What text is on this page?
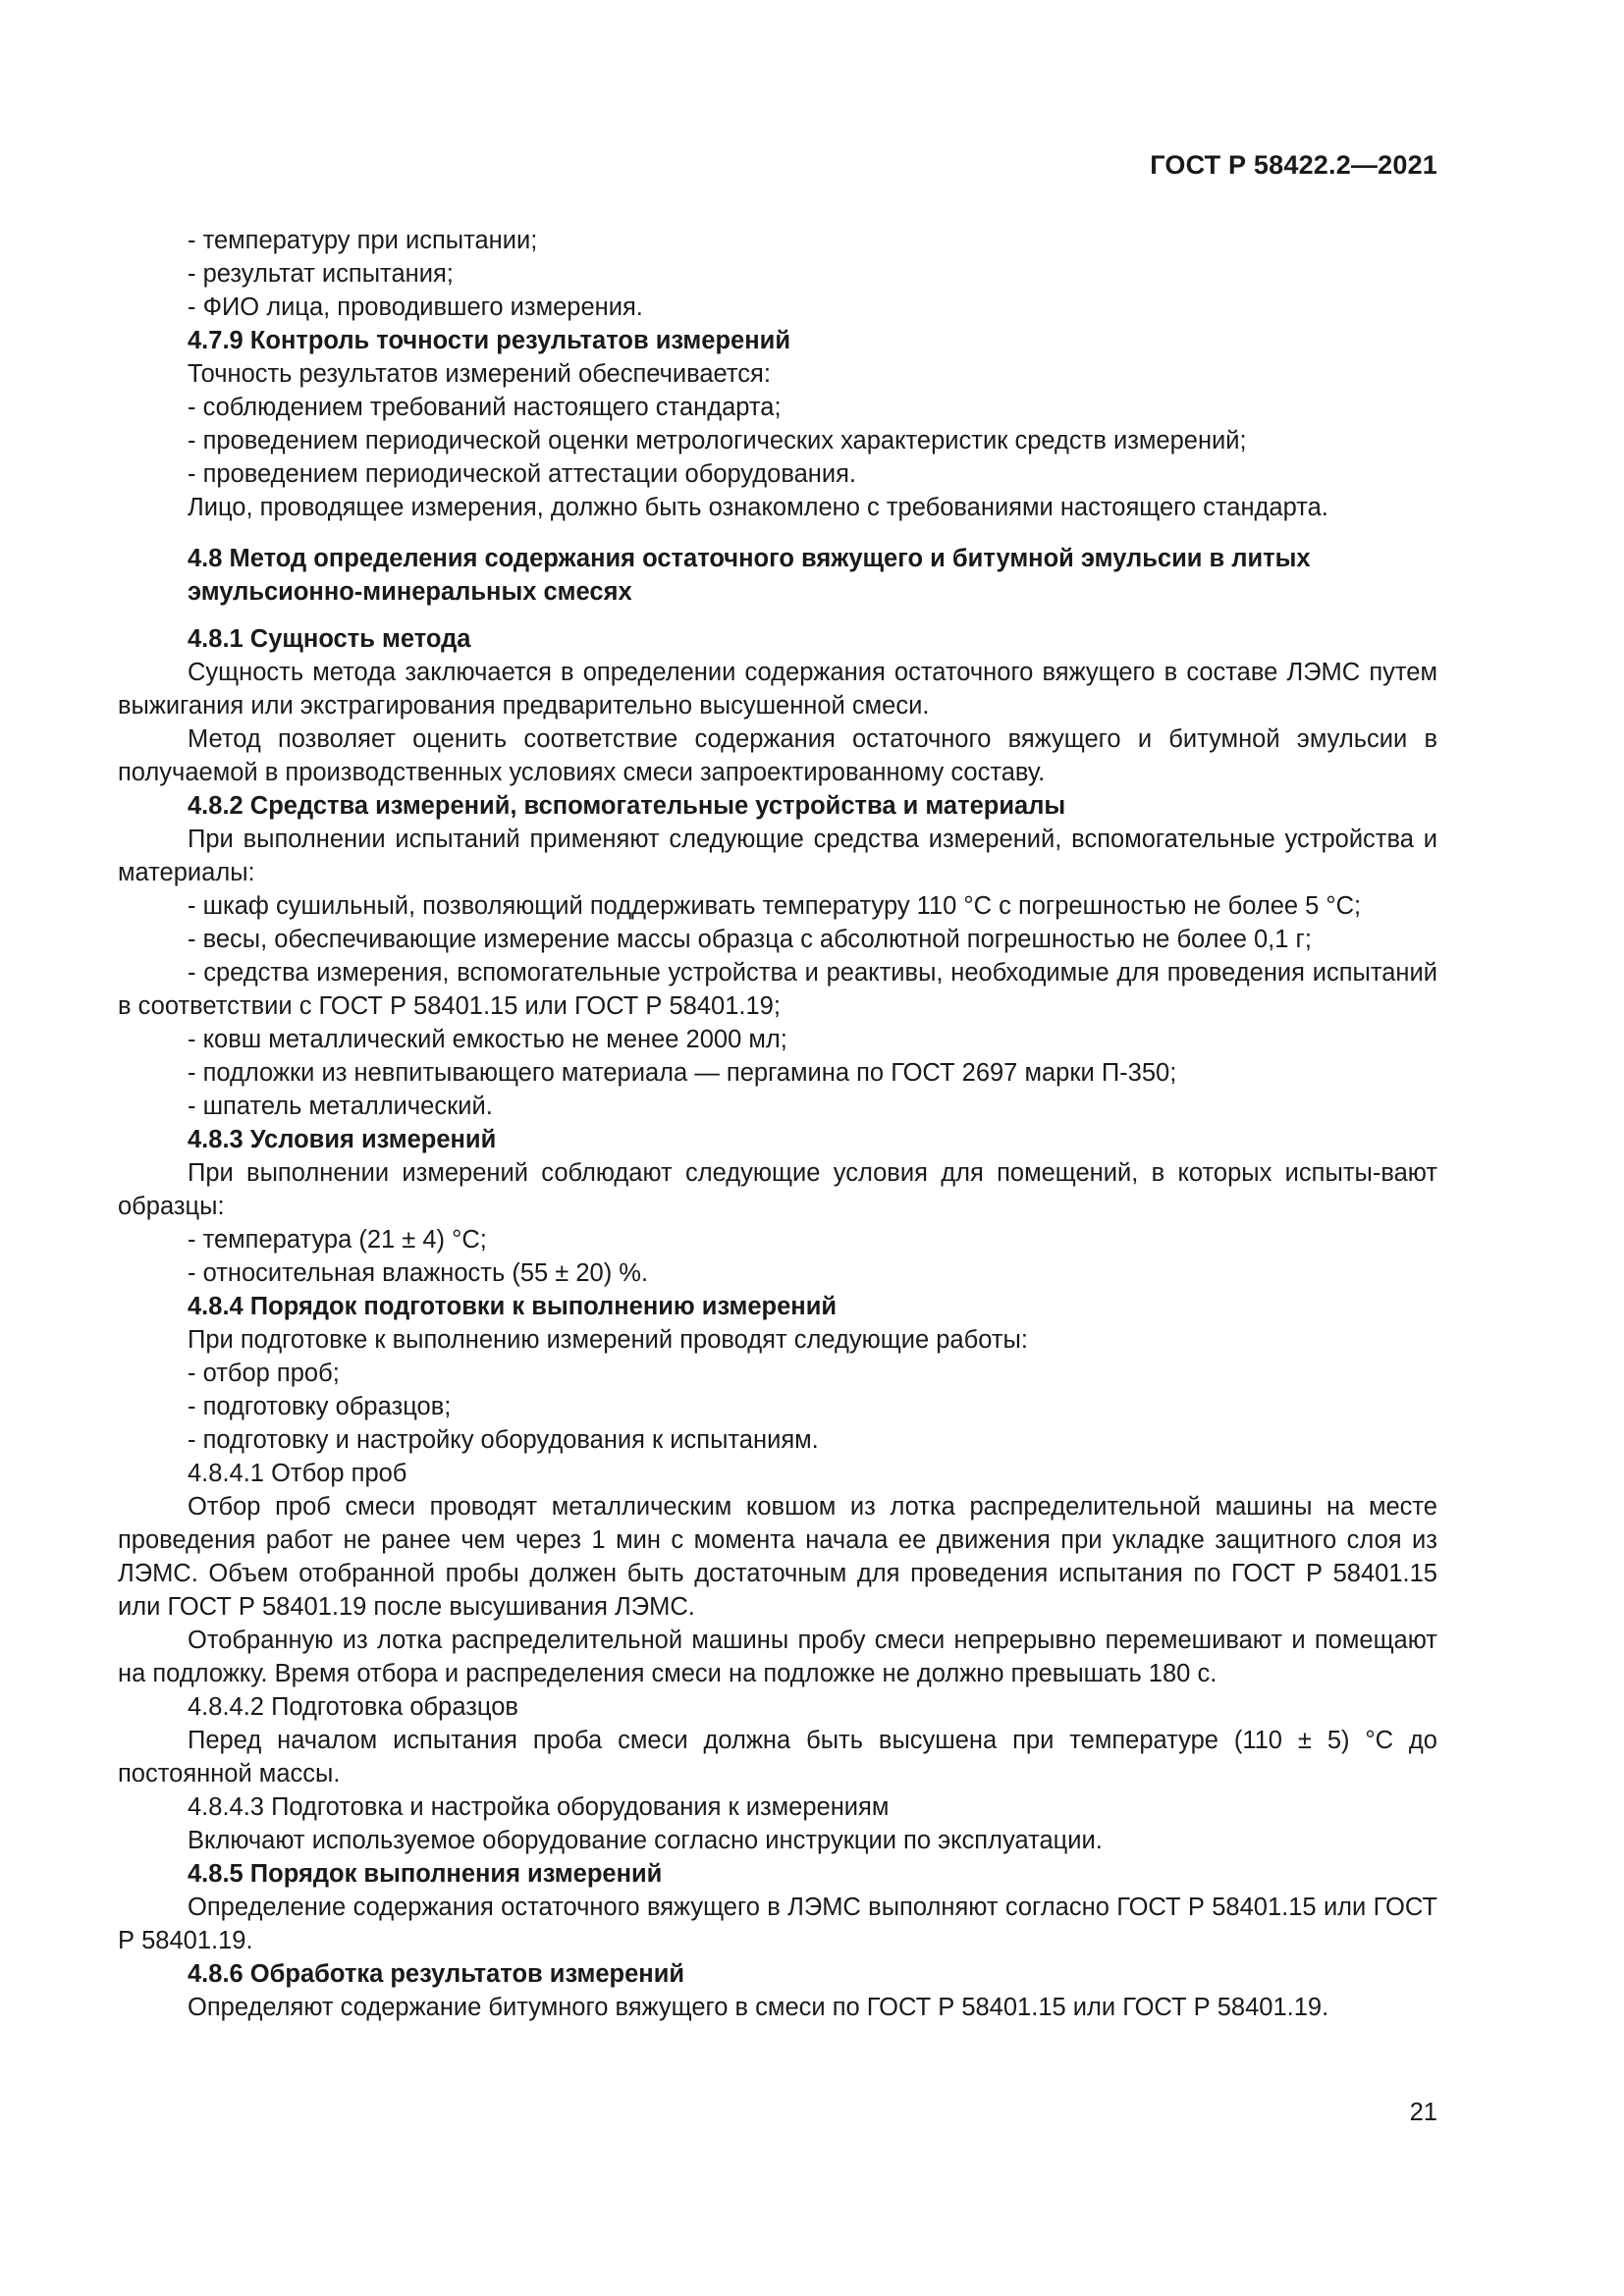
ГОСТ Р 58422.2—2021

- температуру при испытании;

- результат испытания;

- ФИО лица, проводившего измерения.

4.7.9 Контроль точности результатов измерений

Точность результатов измерений обеспечивается:

- соблюдением требований настоящего стандарта;

- проведением периодической оценки метрологических характеристик средств измерений;

- проведением периодической аттестации оборудования.

Лицо, проводящее измерения, должно быть ознакомлено с требованиями настоящего стандарта.

4.8 Метод определения содержания остаточного вяжущего и битумной эмульсии в литых эмульсионно-минеральных смесях

4.8.1 Сущность метода

Сущность метода заключается в определении содержания остаточного вяжущего в составе ЛЭМС путем выжигания или экстрагирования предварительно высушенной смеси.

Метод позволяет оценить соответствие содержания остаточного вяжущего и битумной эмульсии в получаемой в производственных условиях смеси запроектированному составу.

4.8.2 Средства измерений, вспомогательные устройства и материалы

При выполнении испытаний применяют следующие средства измерений, вспомогательные устройства и материалы:

- шкаф сушильный, позволяющий поддерживать температуру 110 °С с погрешностью не более 5 °С;

- весы, обеспечивающие измерение массы образца с абсолютной погрешностью не более 0,1 г;

- средства измерения, вспомогательные устройства и реактивы, необходимые для проведения испытаний в соответствии с ГОСТ Р 58401.15 или ГОСТ Р 58401.19;

- ковш металлический емкостью не менее 2000 мл;

- подложки из невпитывающего материала — пергамина по ГОСТ 2697 марки П-350;

- шпатель металлический.

4.8.3 Условия измерений

При выполнении измерений соблюдают следующие условия для помещений, в которых испыты-вают образцы:

- температура (21 ± 4) °С;

- относительная влажность (55 ± 20) %.

4.8.4 Порядок подготовки к выполнению измерений

При подготовке к выполнению измерений проводят следующие работы:

- отбор проб;

- подготовку образцов;

- подготовку и настройку оборудования к испытаниям.

4.8.4.1 Отбор проб

Отбор проб смеси проводят металлическим ковшом из лотка распределительной машины на месте проведения работ не ранее чем через 1 мин с момента начала ее движения при укладке защитного слоя из ЛЭМС. Объем отобранной пробы должен быть достаточным для проведения испытания по ГОСТ Р 58401.15 или ГОСТ Р 58401.19 после высушивания ЛЭМС.

Отобранную из лотка распределительной машины пробу смеси непрерывно перемешивают и помещают на подложку. Время отбора и распределения смеси на подложке не должно превышать 180 с.

4.8.4.2 Подготовка образцов

Перед началом испытания проба смеси должна быть высушена при температуре (110 ± 5) °С до постоянной массы.

4.8.4.3 Подготовка и настройка оборудования к измерениям

Включают используемое оборудование согласно инструкции по эксплуатации.

4.8.5 Порядок выполнения измерений

Определение содержания остаточного вяжущего в ЛЭМС выполняют согласно ГОСТ Р 58401.15 или ГОСТ Р 58401.19.

4.8.6 Обработка результатов измерений

Определяют содержание битумного вяжущего в смеси по ГОСТ Р 58401.15 или ГОСТ Р 58401.19.

21
